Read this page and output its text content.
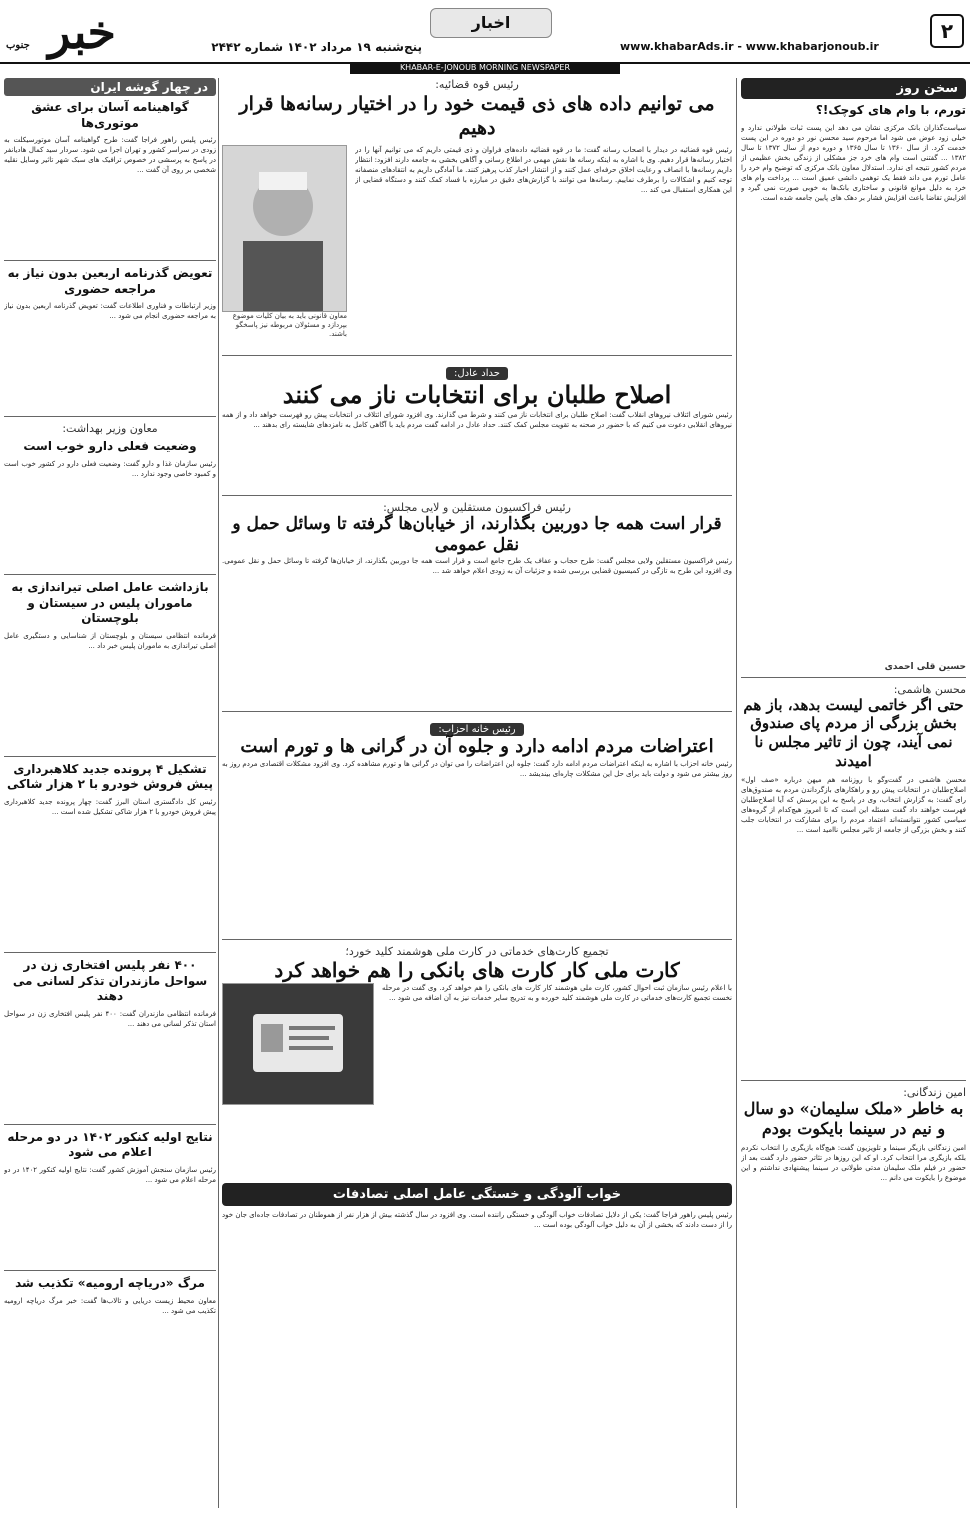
خبر
جنوب	پنج‌شنبه ۱۹ مرداد ۱۴۰۲ شماره ۲۴۴۲
اخبار
www.khabarAds.ir - www.khabarjonoub.ir
۲
KHABAR-E-JONOUB MORNING NEWSPAPER
سخن روز
تورم، با وام های کوچک!؟
سیاست‌گذاران بانک مرکزی نشان می دهد این پست ثبات طولانی ندارد و خیلی زود عوض می شود اما مرحوم سید محسن نور دو دوره در این پست خدمت کرد. از سال ۱۳۶۰ تا سال ۱۳۶۵ و دوره دوم از سال ۱۳۷۲ تا سال ۱۳۸۲ ... گفتنی است وام های خرد جز مشکلی از زندگی بخش عظیمی از مردم کشور نتیجه ای ندارد. استدلال معاون بانک مرکزی که توضیح وام خرد را عامل تورم می داند فقط یک توهمی دانشی عمیق است ... پرداخت وام های خرد به دلیل موانع قانونی و ساختاری بانک‌ها به خوبی صورت نمی گیرد و افزایش تقاضا باعث افزایش فشار بر دهک های پایین جامعه شده است.
حسین قلی احمدی
محسن هاشمی:
حتی اگر خاتمی لیست بدهد، باز هم بخش بزرگی از مردم پای صندوق نمی آیند، چون از تاثیر مجلس نا امیدند
محسن هاشمی در گفت‌وگو با روزنامه هم میهن درباره «صف اول» اصلاح‌طلبان در انتخابات پیش رو و راهکارهای بازگرداندن مردم به صندوق‌های رای گفت: به گزارش انتخاب، وی در پاسخ به این پرسش که آیا اصلاح‌طلبان فهرست خواهند داد گفت مسئله این است که تا امروز هیچ‌کدام از گروه‌های سیاسی کشور نتوانسته‌اند اعتماد مردم را برای مشارکت در انتخابات جلب کنند و بخش بزرگی از جامعه از تاثیر مجلس ناامید است ...
امین زندگانی:
به خاطر «ملک سلیمان» دو سال و نیم در سینما بایکوت بودم
امین زندگانی بازیگر سینما و تلویزیون گفت: هیچ‌گاه بازیگری را انتخاب نکردم بلکه بازیگری مرا انتخاب کرد. او که این روزها در تئاتر حضور دارد گفت بعد از حضور در فیلم ملک سلیمان مدتی طولانی در سینما پیشنهادی نداشتم و این موضوع را بایکوت می دانم ...
رئیس قوه قضائیه:
می توانیم داده های ذی قیمت خود را در اختیار رسانه‌ها قرار دهیم
رئیس قوه قضائیه در دیدار با اصحاب رسانه گفت: ما در قوه قضائیه داده‌های فراوان و ذی قیمتی داریم که می توانیم آنها را در اختیار رسانه‌ها قرار دهیم. وی با اشاره به اینکه رسانه ها نقش مهمی در اطلاع رسانی و آگاهی بخشی به جامعه دارند افزود: انتظار داریم رسانه‌ها با انصاف و رعایت اخلاق حرفه‌ای عمل کنند و از انتشار اخبار کذب پرهیز کنند. ما آمادگی داریم به انتقادهای منصفانه توجه کنیم و اشکالات را برطرف نماییم. رسانه‌ها می توانند با گزارش‌های دقیق در مبارزه با فساد کمک کنند و دستگاه قضایی از این همکاری استقبال می کند ...
معاون قانونی باید به بیان کلیات موضوع بپردازد و مسئولان مربوطه نیز پاسخگو باشند.
حداد عادل:
اصلاح طلبان برای انتخابات ناز می کنند
رئیس شورای ائتلاف نیروهای انقلاب گفت: اصلاح طلبان برای انتخابات ناز می کنند و شرط می گذارند. وی افزود شورای ائتلاف در انتخابات پیش رو فهرست خواهد داد و از همه نیروهای انقلابی دعوت می کنیم که با حضور در صحنه به تقویت مجلس کمک کنند. حداد عادل در ادامه گفت مردم باید با آگاهی کامل به نامزدهای شایسته رای بدهند ...
رئیس فراکسیون مستقلین و لایی مجلس:
قرار است همه جا دوربین بگذارند، از خیابان‌ها گرفته تا وسائل حمل و نقل عمومی
رئیس فراکسیون مستقلین ولایی مجلس گفت: طرح حجاب و عفاف یک طرح جامع است و قرار است همه جا دوربین بگذارند، از خیابان‌ها گرفته تا وسائل حمل و نقل عمومی. وی افزود این طرح به تازگی در کمیسیون قضایی بررسی شده و جزئیات آن به زودی اعلام خواهد شد ...
رئیس خانه احزاب:
اعتراضات مردم ادامه دارد و جلوه آن در گرانی ها و تورم است
رئیس خانه احزاب با اشاره به اینکه اعتراضات مردم ادامه دارد گفت: جلوه این اعتراضات را می توان در گرانی ها و تورم مشاهده کرد. وی افزود مشکلات اقتصادی مردم روز به روز بیشتر می شود و دولت باید برای حل این مشکلات چاره‌ای بیندیشد ...
تجمیع کارت‌های خدماتی در کارت ملی هوشمند کلید خورد؛
کارت ملی کار کارت های بانکی را هم خواهد کرد
با اعلام رئیس سازمان ثبت احوال کشور، کارت ملی هوشمند کار کارت های بانکی را هم خواهد کرد. وی گفت در مرحله نخست تجمیع کارت‌های خدماتی در کارت ملی هوشمند کلید خورده و به تدریج سایر خدمات نیز به آن اضافه می شود ...
خواب آلودگی و خستگی عامل اصلی تصادفات
رئیس پلیس راهور فراجا گفت: یکی از دلایل تصادفات خواب آلودگی و خستگی راننده است. وی افزود در سال گذشته بیش از هزار نفر از هموطنان در تصادفات جاده‌ای جان خود را از دست دادند که بخشی از آن به دلیل خواب آلودگی بوده است ...
در چهار گوشه ایران
گواهینامه آسان برای عشق موتوری‌ها
رئیس پلیس راهور فراجا گفت: طرح گواهینامه آسان موتورسیکلت به زودی در سراسر کشور و تهران اجرا می شود. سردار سید کمال هادیانفر در پاسخ به پرسشی در خصوص ترافیک های سبک شهر تاثیر وسایل نقلیه شخصی بر روی آن گفت ...
تعویض گذرنامه اربعین بدون نیاز به مراجعه حضوری
وزیر ارتباطات و فناوری اطلاعات گفت: تعویض گذرنامه اربعین بدون نیاز به مراجعه حضوری انجام می شود ...
معاون وزیر بهداشت:
وضعیت فعلی دارو خوب است
رئیس سازمان غذا و دارو گفت: وضعیت فعلی دارو در کشور خوب است و کمبود خاصی وجود ندارد ...
بازداشت عامل اصلی تیراندازی به ماموران پلیس در سیستان و بلوچستان
فرمانده انتظامی سیستان و بلوچستان از شناسایی و دستگیری عامل اصلی تیراندازی به ماموران پلیس خبر داد ...
تشکیل ۴ پرونده جدید کلاهبرداری پیش فروش خودرو با ۲ هزار شاکی
رئیس کل دادگستری استان البرز گفت: چهار پرونده جدید کلاهبرداری پیش فروش خودرو با ۲ هزار شاکی تشکیل شده است ...
۴۰۰ نفر پلیس افتخاری زن در سواحل مازندران تذکر لسانی می دهند
فرمانده انتظامی مازندران گفت: ۴۰۰ نفر پلیس افتخاری زن در سواحل استان تذکر لسانی می دهند ...
نتایج اولیه کنکور ۱۴۰۲ در دو مرحله اعلام می شود
رئیس سازمان سنجش آموزش کشور گفت: نتایج اولیه کنکور ۱۴۰۲ در دو مرحله اعلام می شود ...
مرگ «دریاچه ارومیه» تکذیب شد
معاون محیط زیست دریایی و تالاب‌ها گفت: خبر مرگ دریاچه ارومیه تکذیب می شود ...
